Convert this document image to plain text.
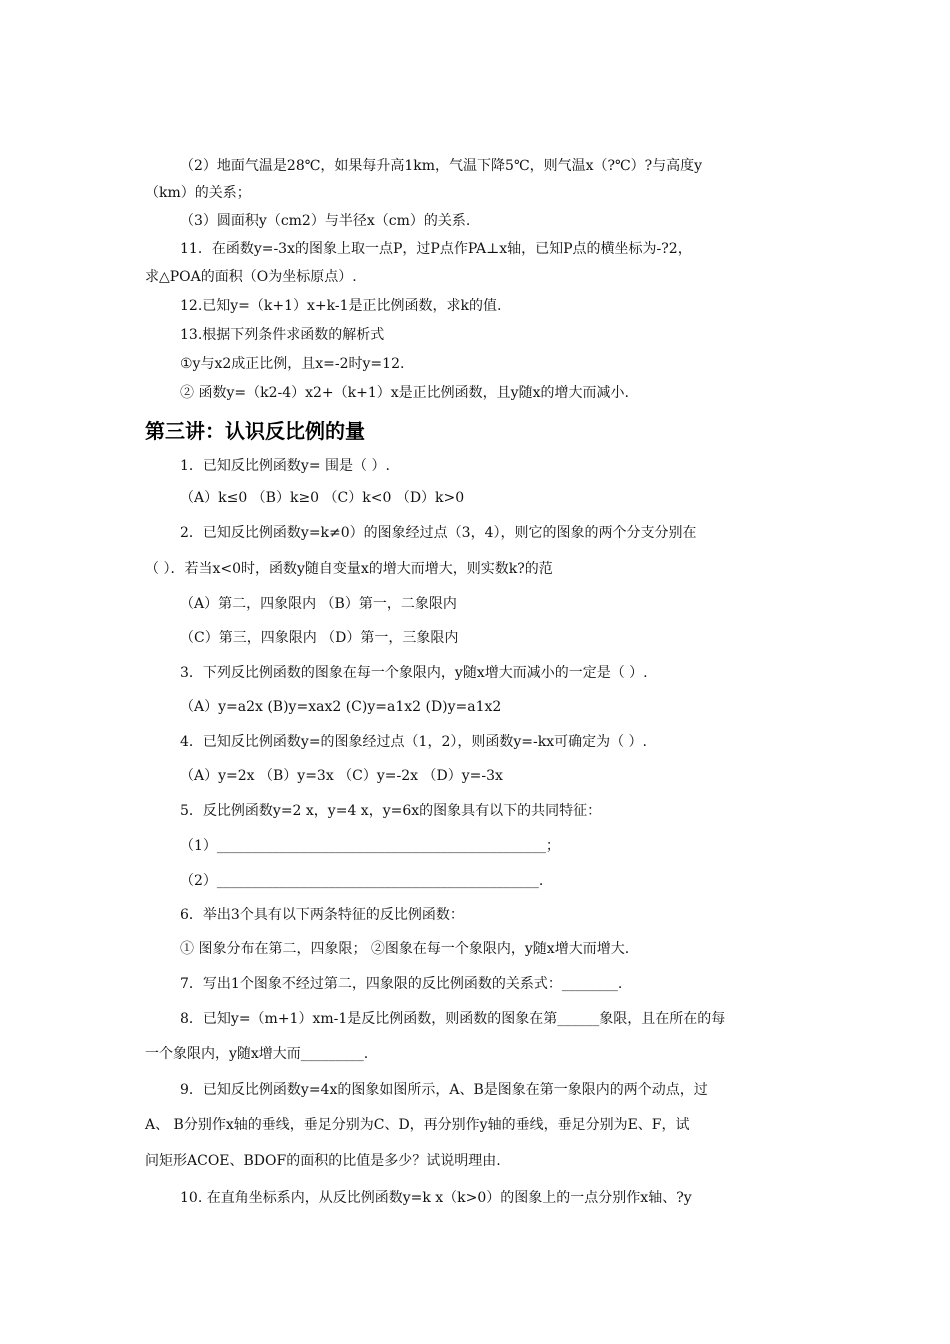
（2）地面气温是28℃，如果每升高1km，气温下降5℃，则气温x（?℃）?与高度y
（km）的关系；
（3）圆面积y（cm2）与半径x（cm）的关系.
11．在函数y=-3x的图象上取一点P，过P点作PA⊥x轴，已知P点的横坐标为-?2，
求△POA的面积（O为坐标原点）.
12.已知y=（k+1）x+k-1是正比例函数，求k的值.
13.根据下列条件求函数的解析式
①y与x2成正比例，且x=-2时y=12.
② 函数y=（k2-4）x2+（k+1）x是正比例函数，且y随x的增大而减小.
第三讲：认识反比例的量
1．已知反比例函数y= 围是（ ）.
（A）k≤0 （B）k≥0 （C）k<0 （D）k>0
2．已知反比例函数y=k≠0）的图象经过点（3，4），则它的图象的两个分支分别在
（ ）．若当x<0时，函数y随自变量x的增大而增大，则实数k?的范
（A）第二，四象限内 （B）第一，二象限内
（C）第三，四象限内 （D）第一，三象限内
3．下列反比例函数的图象在每一个象限内，y随x增大而减小的一定是（ ）.
（A）y=a2x (B)y=xax2 (C)y=a1x2 (D)y=a1x2
4．已知反比例函数y=的图象经过点（1，2），则函数y=-kx可确定为（ ）.
（A）y=2x （B）y=3x （C）y=-2x （D）y=-3x
5．反比例函数y=2 x，y=4 x，y=6x的图象具有以下的共同特征：
（1）_______________________________________________；
（2）______________________________________________.
6．举出3个具有以下两条特征的反比例函数：
① 图象分布在第二，四象限； ②图象在每一个象限内，y随x增大而增大.
7．写出1个图象不经过第二，四象限的反比例函数的关系式：________.
8．已知y=（m+1）xm-1是反比例函数，则函数的图象在第______象限，且在所在的每
一个象限内，y随x增大而_________.
9．已知反比例函数y=4x的图象如图所示，A、B是图象在第一象限内的两个动点，过
A、 B分别作x轴的垂线，垂足分别为C、D，再分别作y轴的垂线，垂足分别为E、F，试
问矩形ACOE、BDOF的面积的比值是多少？试说明理由.
10. 在直角坐标系内，从反比例函数y=k x（k>0）的图象上的一点分别作x轴、?y
